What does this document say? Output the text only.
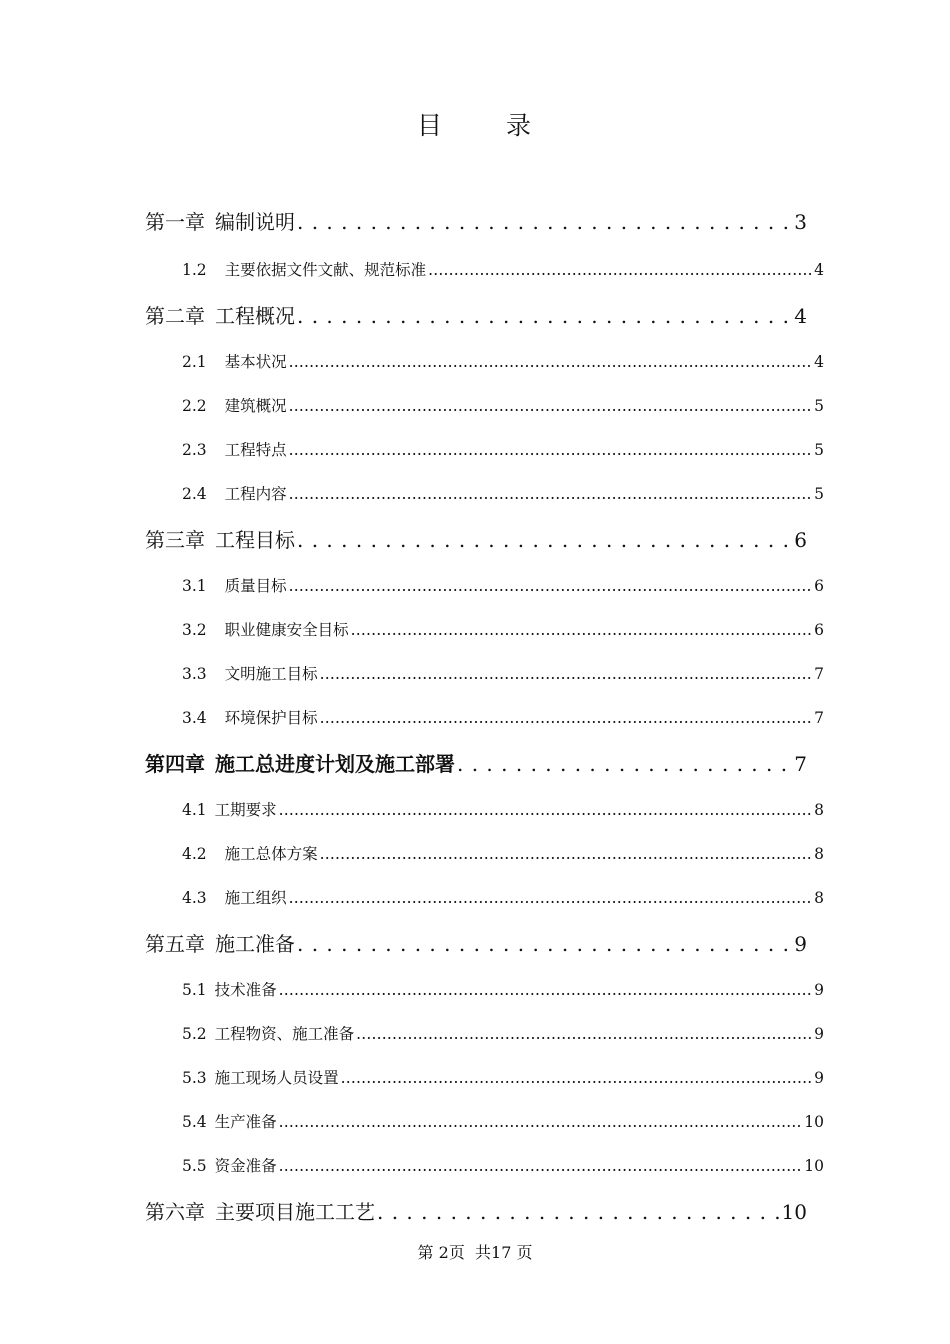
目 录
第一章 编制说明 . . .	3
1.2 主要依据文件文献、规范标准 .....	4
第二章 工程概况 . . .	4
2.1 基本状况 .....	4
2.2 建筑概况 .....	5
2.3 工程特点 .....	5
2.4 工程内容 .....	5
第三章 工程目标 . . .	6
3.1 质量目标 .....	6
3.2 职业健康安全目标 .....	6
3.3 文明施工目标 .....	7
3.4 环境保护目标 .....	7
第四章 施工总进度计划及施工部署 . . .	7
4.1 工期要求 .....	8
4.2 施工总体方案 .....	8
4.3 施工组织 .....	8
第五章 施工准备 . . .	9
5.1 技术准备 .....	9
5.2 工程物资、施工准备 .....	9
5.3 施工现场人员设置 .....	9
5.4 生产准备 .....	10
5.5 资金准备 .....	10
第六章 主要项目施工工艺 . . .	10
第 2页 共17 页
